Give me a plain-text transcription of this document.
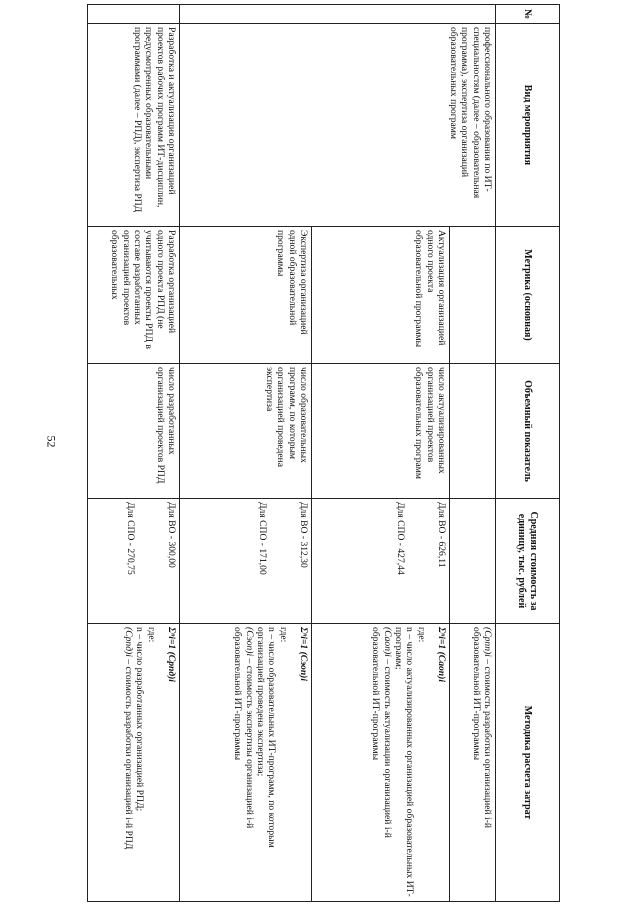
52
№	Вид мероприятия	Метрика (основная)	Объемный показатель	Средняя стоимость за единицу, тыс. рублей	Методика расчета затрат
	профессионального образования по ИТ-специальностям (далее – образовательная программа), экспертиза организаций образовательных программ				(Cрпп)i – стоимость разработки организацией i-й образовательной ИТ-программы
		Актуализация организацией одного проекта образовательной программы	число актуализированных организацией проектов образовательных программ	Для ВО - 626,11
Для СПО - 427,44	Σⁿi=1 (Cаоп)i
где:
n – число актуализированных организацией образовательных ИТ-программ;
(Cаоп)i – стоимость актуализации организацией i-й образовательной ИТ-программы
		Экспертиза организацией одной образовательной программы	число образовательных программ, по которым организацией проведена экспертиза	Для ВО - 312,30
Для СПО - 171,00	Σⁿi=1 (Cэоп)i
где:
n – число образовательных ИТ-программ, по которым организацией проведена экспертиза;
(Cэоп)i – стоимость экспертизы организацией i-й образовательной ИТ-программы
	Разработка и актуализация организацией проектов рабочих программ ИТ-дисциплин, предусмотренных образовательными программами (далее – РПД), экспертиза РПД	Разработка организацией одного проекта РПД (не учитываются проекты РПД в составе разработанных организацией проектов образовательных	число разработанных организацией проектов РПД	Для ВО - 300,00
Для СПО - 270,75	Σⁿi=1 (Cрпд)i
где:
n – число разработанных организацией РПД;
(Cрпд)i – стоимость разработки организацией i-й РПД
